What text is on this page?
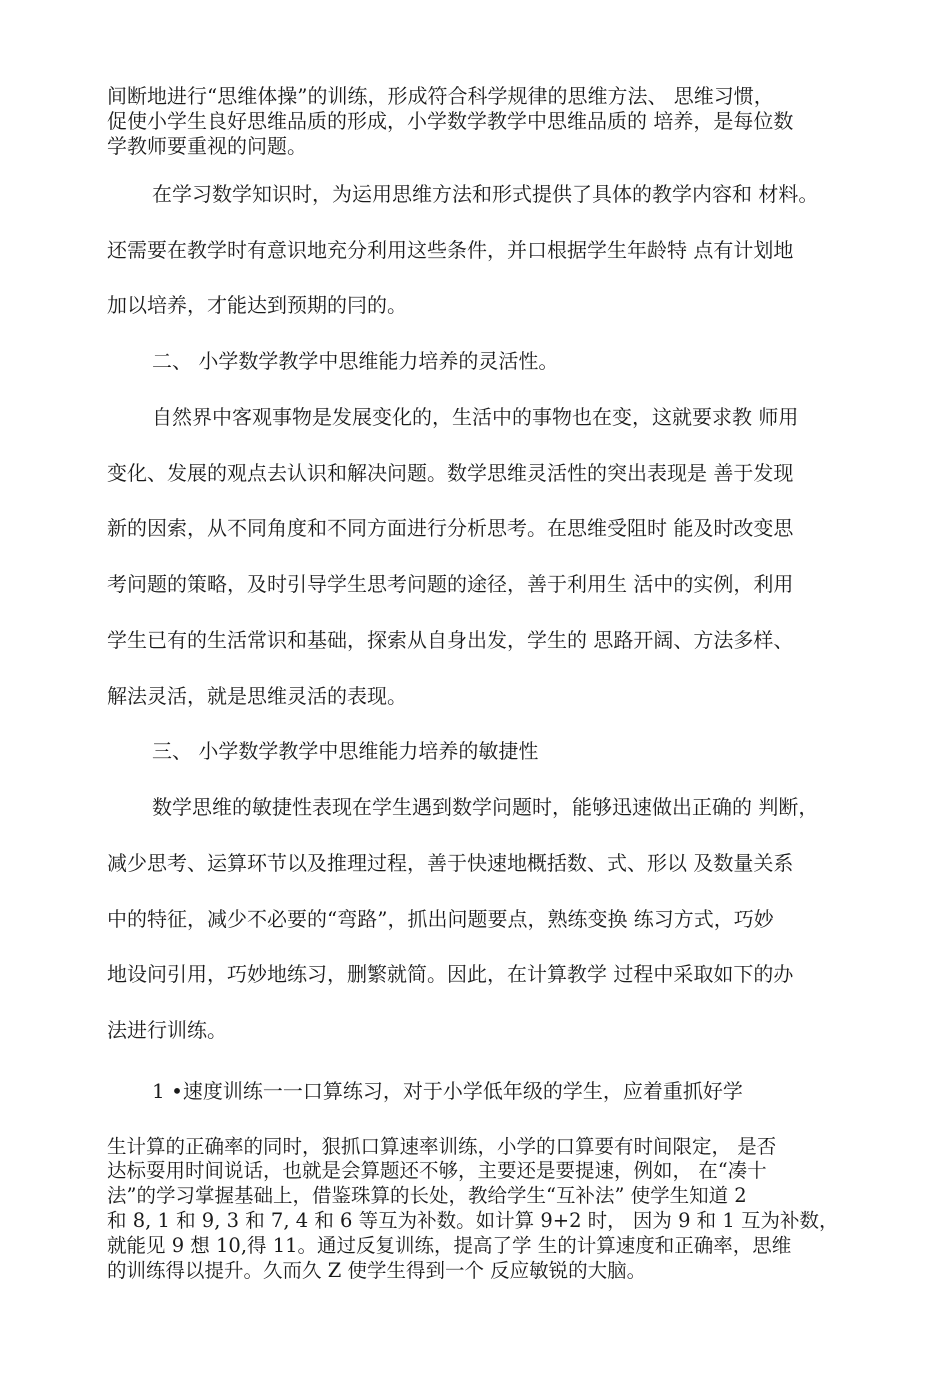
间断地进行“思维体操”的训练，形成符合科学规律的思维方法、 思维习惯，
促使小学生良好思维品质的形成，小学数学教学中思维品质的 培养，是每位数
学教师要重视的问题。
在学习数学知识时，为运用思维方法和形式提供了具体的教学内容和 材料。
还需要在教学时有意识地充分利用这些条件，并口根据学生年龄特 点有计划地
加以培养，才能达到预期的冃的。
二、 小学数学教学中思维能力培养的灵活性。
自然界中客观事物是发展变化的，生活中的事物也在变，这就要求教 师用
变化、发展的观点去认识和解决问题。数学思维灵活性的突出表现是 善于发现
新的因索，从不同角度和不同方面进行分析思考。在思维受阻时 能及时改变思
考问题的策略，及时引导学生思考问题的途径，善于利用生 活中的实例，利用
学生已有的生活常识和基础，探索从自身出发，学生的 思路开阔、方法多样、
解法灵活，就是思维灵活的表现。
三、 小学数学教学中思维能力培养的敏捷性
数学思维的敏捷性表现在学生遇到数学问题时，能够迅速做出正确的 判断，
减少思考、运算环节以及推理过程，善于快速地概括数、式、形以 及数量关系
中的特征，减少不必要的“弯路”，抓出问题要点，熟练变换 练习方式，巧妙
地设问引用，巧妙地练习，删繁就简。因此，在计算教学 过程中采取如下的办
法进行训练。
1 •速度训练一一口算练习，对于小学低年级的学生，应着重抓好学
生计算的正确率的同时，狠抓口算速率训练，小学的口算要有时间限定， 是否
达标耍用时间说话，也就是会算题还不够，主要还是要提速，例如， 在“凑十
法”的学习掌握基础上，借鉴珠算的长处，教给学生“互补法” 使学生知道 2
和 8, 1 和 9, 3 和 7, 4 和 6 等互为补数。如计算 9+2 时， 因为 9 和 1 互为补数，
就能见 9 想 10,得 11。通过反复训练，提高了学 生的计算速度和正确率，思维
的训练得以提升。久而久 Z 使学生得到一个 反应敏锐的大脑。
